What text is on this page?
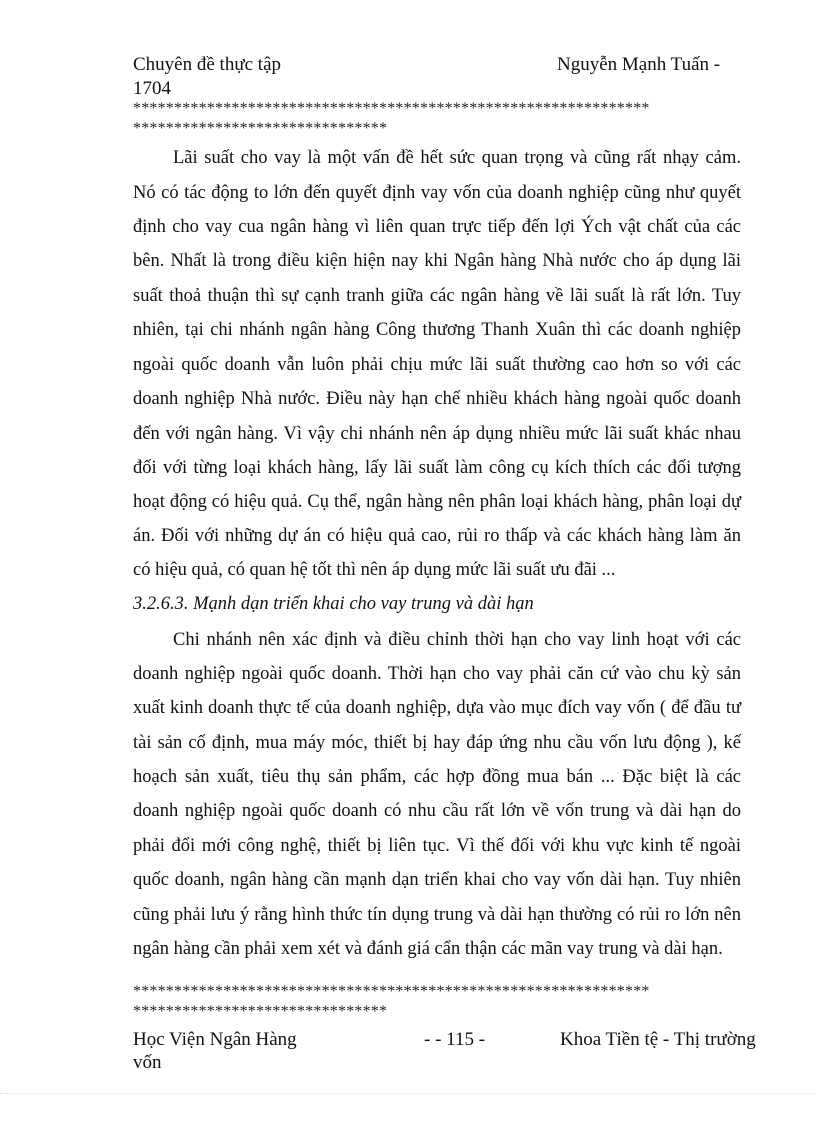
Chuyên đề thực tập	Nguyễn Mạnh Tuấn -
1704
***************************************************************
*******************************
Lãi suất cho vay là một vấn đề hết sức quan trọng và cũng rất nhạy cảm.
Nó có tác động to lớn đến quyết định vay vốn của doanh nghiệp cũng như quyết
định cho vay cua ngân hàng vì liên quan trực tiếp đến lợi Ých vật chất của các
bên. Nhất là trong điều kiện hiện nay khi Ngân hàng Nhà nước cho áp dụng lãi
suất thoả thuận thì sự cạnh tranh giữa các ngân hàng về lãi suất là rất lớn. Tuy
nhiên, tại chi nhánh ngân hàng Công thương Thanh Xuân thì các doanh nghiệp
ngoài quốc doanh vẫn luôn phải chịu mức lãi suất thường cao hơn so với các
doanh nghiệp Nhà nước. Điều này hạn chế nhiều khách hàng ngoài quốc doanh
đến với ngân hàng. Vì vậy chi nhánh nên áp dụng nhiều mức lãi suất khác nhau
đối với từng loại khách hàng, lấy lãi suất làm công cụ kích thích các đối tượng
hoạt động có hiệu quả. Cụ thể, ngân hàng nên phân loại khách hàng, phân loại dự
án. Đối với những dự án có hiệu quả cao, rủi ro thấp và các khách hàng làm ăn
có hiệu quả, có quan hệ tốt thì nên áp dụng mức lãi suất ưu đãi ...
3.2.6.3. Mạnh dạn triển khai cho vay trung và dài hạn
Chi nhánh nên xác định và điều chỉnh thời hạn cho vay linh hoạt với các
doanh nghiệp ngoài quốc doanh. Thời hạn cho vay phải căn cứ vào chu kỳ sản
xuất kinh doanh thực tế của doanh nghiệp, dựa vào mục đích vay vốn ( để đầu tư
tài sản cố định, mua máy móc, thiết bị hay đáp ứng nhu cầu vốn lưu động ), kế
hoạch sản xuất, tiêu thụ sản phẩm, các hợp đồng mua bán ... Đặc biệt là các
doanh nghiệp ngoài quốc doanh có nhu cầu rất lớn về vốn trung và dài hạn do
phải đổi mới công nghệ, thiết bị liên tục. Vì thế đối với khu vực kinh tế ngoài
quốc doanh, ngân hàng cần mạnh dạn triển khai cho vay vốn dài hạn. Tuy nhiên
cũng phải lưu ý rằng hình thức tín dụng trung và dài hạn thường có rủi ro lớn nên
ngân hàng cần phải xem xét và đánh giá cẩn thận các mãn vay trung và dài hạn.
***************************************************************
*******************************
Học Viện Ngân Hàng	- - 115 -	Khoa Tiền tệ - Thị trường
vốn
